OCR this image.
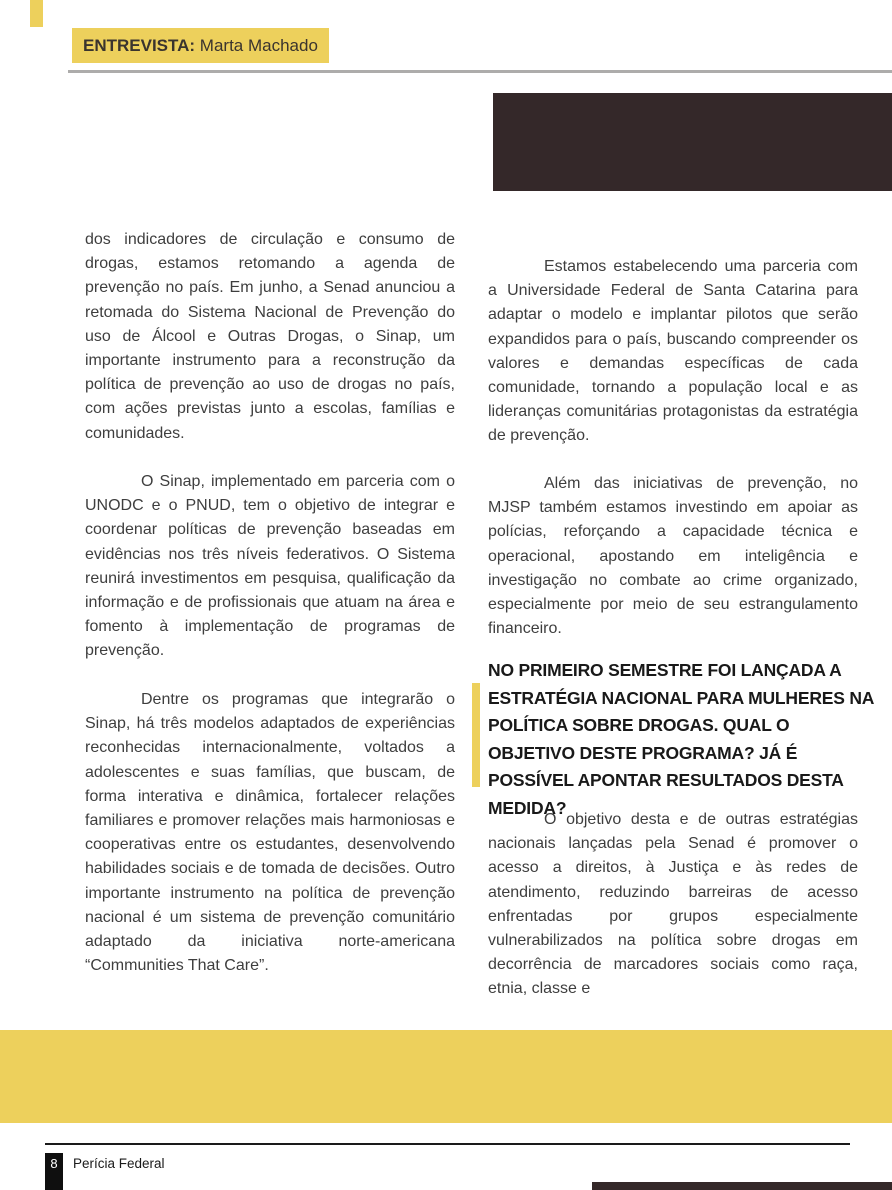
ENTREVISTA: Marta Machado

dos indicadores de circulação e consumo de drogas, estamos retomando a agenda de prevenção no país. Em junho, a Senad anunciou a retomada do Sistema Nacional de Prevenção do uso de Álcool e Outras Drogas, o Sinap, um importante instrumento para a reconstrução da política de prevenção ao uso de drogas no país, com ações previstas junto a escolas, famílias e comunidades.

O Sinap, implementado em parceria com o UNODC e o PNUD, tem o objetivo de integrar e coordenar políticas de prevenção baseadas em evidências nos três níveis federativos. O Sistema reunirá investimentos em pesquisa, qualificação da informação e de profissionais que atuam na área e fomento à implementação de programas de prevenção.

Dentre os programas que integrarão o Sinap, há três modelos adaptados de experiências reconhecidas internacionalmente, voltados a adolescentes e suas famílias, que buscam, de forma interativa e dinâmica, fortalecer relações familiares e promover relações mais harmoniosas e cooperativas entre os estudantes, desenvolvendo habilidades sociais e de tomada de decisões. Outro importante instrumento na política de prevenção nacional é um sistema de prevenção comunitário adaptado da iniciativa norte-americana “Communities That Care”.

Estamos estabelecendo uma parceria com a Universidade Federal de Santa Catarina para adaptar o modelo e implantar pilotos que serão expandidos para o país, buscando compreender os valores e demandas específicas de cada comunidade, tornando a população local e as lideranças comunitárias protagonistas da estratégia de prevenção.

Além das iniciativas de prevenção, no MJSP também estamos investindo em apoiar as polícias, reforçando a capacidade técnica e operacional, apostando em inteligência e investigação no combate ao crime organizado, especialmente por meio de seu estrangulamento financeiro.

NO PRIMEIRO SEMESTRE FOI LANÇADA A ESTRATÉGIA NACIONAL PARA MULHERES NA POLÍTICA SOBRE DROGAS. QUAL O OBJETIVO DESTE PROGRAMA? JÁ É POSSÍVEL APONTAR RESULTADOS DESTA MEDIDA?

O objetivo desta e de outras estratégias nacionais lançadas pela Senad é promover o acesso a direitos, à Justiça e às redes de atendimento, reduzindo barreiras de acesso enfrentadas por grupos especialmente vulnerabilizados na política sobre drogas em decorrência de marcadores sociais como raça, etnia, classe e

8	Perícia Federal
